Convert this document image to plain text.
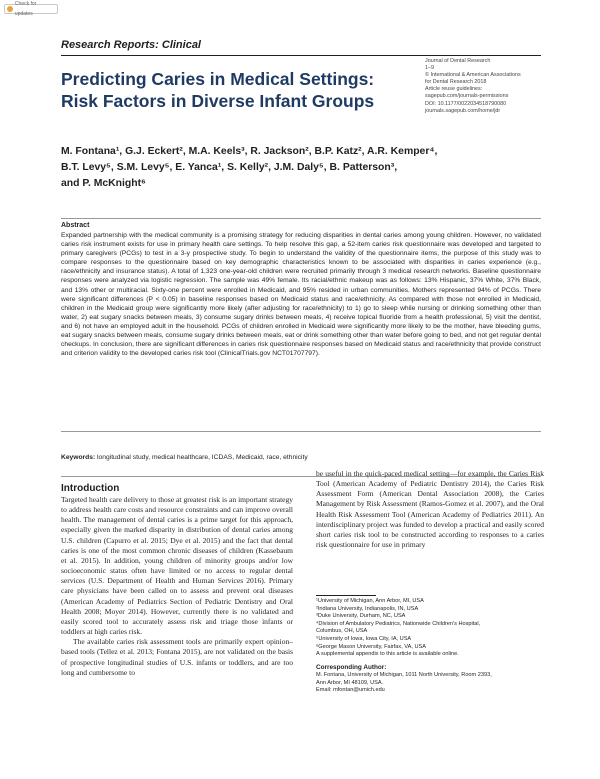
Check for updates
Research Reports: Clinical
Predicting Caries in Medical Settings:
Risk Factors in Diverse Infant Groups
Journal of Dental Research
1–9
© International & American Associations
for Dental Research 2018
Article reuse guidelines:
sagepub.com/journals-permissions
DOI: 10.1177/0022034518790080
journals.sagepub.com/home/jdr
M. Fontana¹, G.J. Eckert², M.A. Keels³, R. Jackson², B.P. Katz², A.R. Kemper⁴,
B.T. Levy⁵, S.M. Levy⁵, E. Yanca¹, S. Kelly², J.M. Daly⁵, B. Patterson³,
and P. McKnight⁶
Abstract
Expanded partnership with the medical community is a promising strategy for reducing disparities in dental caries among young children. However, no validated caries risk instrument exists for use in primary health care settings. To help resolve this gap, a 52-item caries risk questionnaire was developed and targeted to primary caregivers (PCGs) to test in a 3-y prospective study. To begin to understand the validity of the questionnaire items, the purpose of this study was to compare responses to the questionnaire based on key demographic characteristics known to be associated with disparities in caries experience (e.g., race/ethnicity and insurance status). A total of 1,323 one-year-old children were recruited primarily through 3 medical research networks. Baseline questionnaire responses were analyzed via logistic regression. The sample was 49% female. Its racial/ethnic makeup was as follows: 13% Hispanic, 37% White, 37% Black, and 13% other or multiracial. Sixty-one percent were enrolled in Medicaid, and 95% resided in urban communities. Mothers represented 94% of PCGs. There were significant differences (P < 0.05) in baseline responses based on Medicaid status and race/ethnicity. As compared with those not enrolled in Medicaid, children in the Medicaid group were significantly more likely (after adjusting for race/ethnicity) to 1) go to sleep while nursing or drinking something other than water, 2) eat sugary snacks between meals, 3) consume sugary drinks between meals, 4) receive topical fluoride from a health professional, 5) visit the dentist, and 6) not have an employed adult in the household. PCGs of children enrolled in Medicaid were significantly more likely to be the mother, have bleeding gums, eat sugary snacks between meals, consume sugary drinks between meals, eat or drink something other than water before going to bed, and not get regular dental checkups. In conclusion, there are significant differences in caries risk questionnaire responses based on Medicaid status and race/ethnicity that provide construct and criterion validity to the developed caries risk tool (ClinicalTrials.gov NCT01707797).
Keywords: longitudinal study, medical healthcare, ICDAS, Medicaid, race, ethnicity
Introduction

Targeted health care delivery to those at greatest risk is an important strategy to address health care costs and resource constraints and can improve overall health. The management of dental caries is a prime target for this approach, especially given the marked disparity in distribution of dental caries among U.S. children (Capurro et al. 2015; Dye et al. 2015) and the fact that dental caries is one of the most common chronic diseases of children (Kassebaum et al. 2015). In addition, young children of minority groups and/or low socioeconomic status often have limited or no access to regular dental services (U.S. Department of Health and Human Services 2016). Primary care physicians have been called on to assess and prevent oral diseases (American Academy of Pediatrics Section of Pediatric Dentistry and Oral Health 2008; Moyer 2014). However, currently there is no validated and easily scored tool to accurately assess risk and triage those infants or toddlers at high caries risk.

The available caries risk assessment tools are primarily expert opinion–based tools (Tellez et al. 2013; Fontana 2015), are not validated on the basis of prospective longitudinal studies of U.S. infants or toddlers, and are too long and cumbersome to

be useful in the quick-paced medical setting—for example, the Caries Risk Tool (American Academy of Pediatric Dentistry 2014), the Caries Risk Assessment Form (American Dental Association 2008), the Caries Management by Risk Assessment (Ramos-Gomez et al. 2007), and the Oral Health Risk Assessment Tool (American Academy of Pediatrics 2011). An interdisciplinary project was funded to develop a practical and easily scored short caries risk tool to be constructed according to responses to a caries risk questionnaire for use in primary

¹University of Michigan, Ann Arbor, MI, USA
²Indiana University, Indianapolis, IN, USA
³Duke University, Durham, NC, USA
⁴Division of Ambulatory Pediatrics, Nationwide Children's Hospital,
Columbus, OH, USA
⁵University of Iowa, Iowa City, IA, USA
⁶George Mason University, Fairfax, VA, USA
A supplemental appendix to this article is available online.
Corresponding Author:
M. Fontana, University of Michigan, 1011 North University, Room 2393,
Ann Arbor, MI 48109, USA.
Email: mfontan@umich.edu
